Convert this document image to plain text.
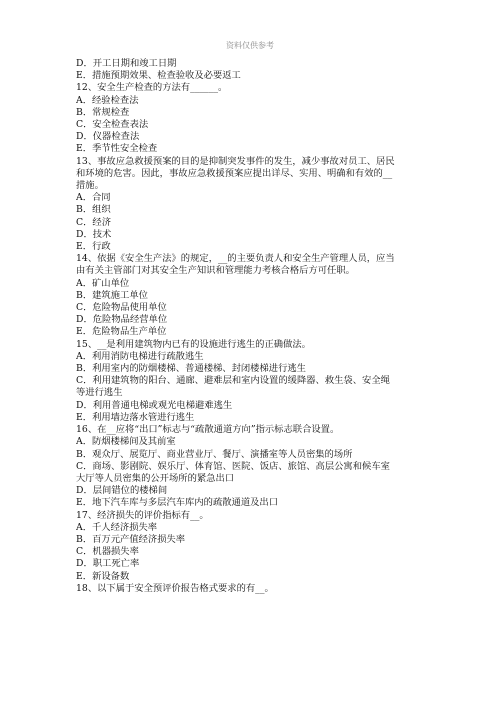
资料仅供参考
D．开工日期和竣工日期
E．措施预期效果、检查验收及必要返工
12、安全生产检查的方法有______。
A．经验检查法
B．常规检查
C．安全检查表法
D．仪器检查法
E．季节性安全检查
13、事故应急救援预案的目的是抑制突发事件的发生，减少事故对员工、居民
和环境的危害。因此，事故应急救援预案应提出详尽、实用、明确和有效的__
措施。
A．合同
B．组织
C．经济
D．技术
E．行政
14、依据《安全生产法》的规定，__的主要负责人和安全生产管理人员，应当
由有关主管部门对其安全生产知识和管理能力考核合格后方可任职。
A．矿山单位
B．建筑施工单位
C．危险物品使用单位
D．危险物品经营单位
E．危险物品生产单位
15、__是利用建筑物内已有的设施进行逃生的正确做法。
A．利用消防电梯进行疏散逃生
B．利用室内的防烟楼梯、普通楼梯、封闭楼梯进行逃生
C．利用建筑物的阳台、通廊、避难层和室内设置的缓降器、救生袋、安全绳
等进行逃生
D．利用普通电梯或观光电梯避难逃生
E．利用墙边落水管进行逃生
16、在__应将“出口”标志与“疏散通道方向”指示标志联合设置。
A．防烟楼梯间及其前室
B．观众厅、展览厅、商业营业厅、餐厅、演播室等人员密集的场所
C．商场、影剧院、娱乐厅、体育馆、医院、饭店、旅馆、高层公寓和候车室
大厅等人员密集的公开场所的紧急出口
D．层间错位的楼梯间
E．地下汽车库与多层汽车库内的疏散通道及出口
17、经济损失的评价指标有__。
A．千人经济损失率
B．百万元产值经济损失率
C．机器损失率
D．职工死亡率
E．新设备数
18、以下属于安全预评价报告格式要求的有__。
